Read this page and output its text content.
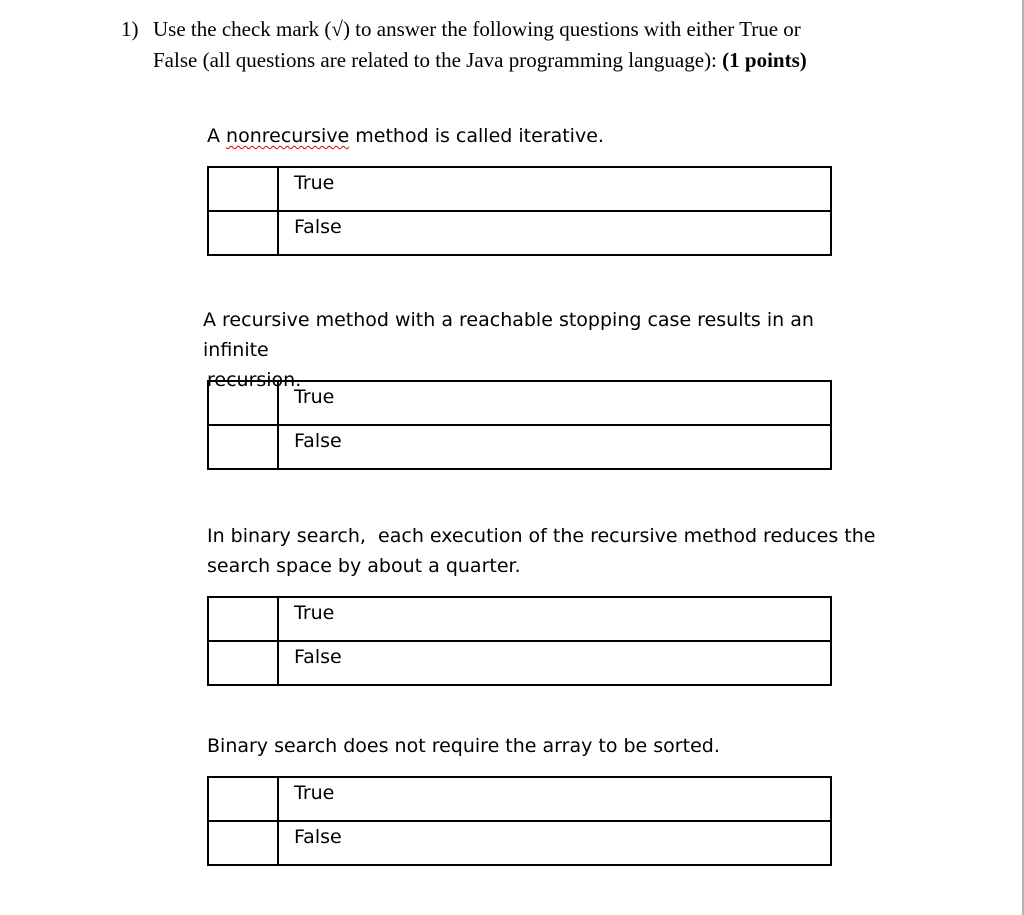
1) Use the check mark (√) to answer the following questions with either True or
False (all questions are related to the Java programming language): (1 points)

A nonrecursive method is called iterative.

	True
	False

A recursive method with a reachable stopping case results in an infinite
recursion.

	True
	False

In binary search,  each execution of the recursive method reduces the
search space by about a quarter.

	True
	False

Binary search does not require the array to be sorted.

	True
	False
